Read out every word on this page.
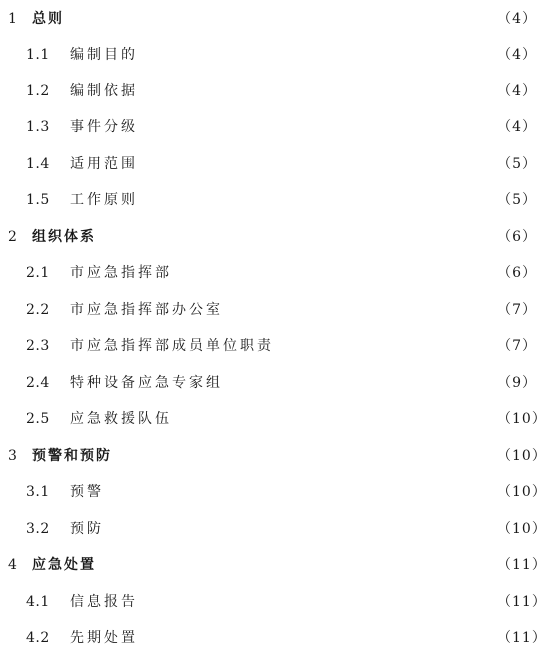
1	总则	（4）
1.1	编制目的	（4）
1.2	编制依据	（4）
1.3	事件分级	（4）
1.4	适用范围	（5）
1.5	工作原则	（5）
2	组织体系	（6）
2.1	市应急指挥部	（6）
2.2	市应急指挥部办公室	（7）
2.3	市应急指挥部成员单位职责	（7）
2.4	特种设备应急专家组	（9）
2.5	应急救援队伍	（10）
3	预警和预防	（10）
3.1	预警	（10）
3.2	预防	（10）
4	应急处置	（11）
4.1	信息报告	（11）
4.2	先期处置	（11）
